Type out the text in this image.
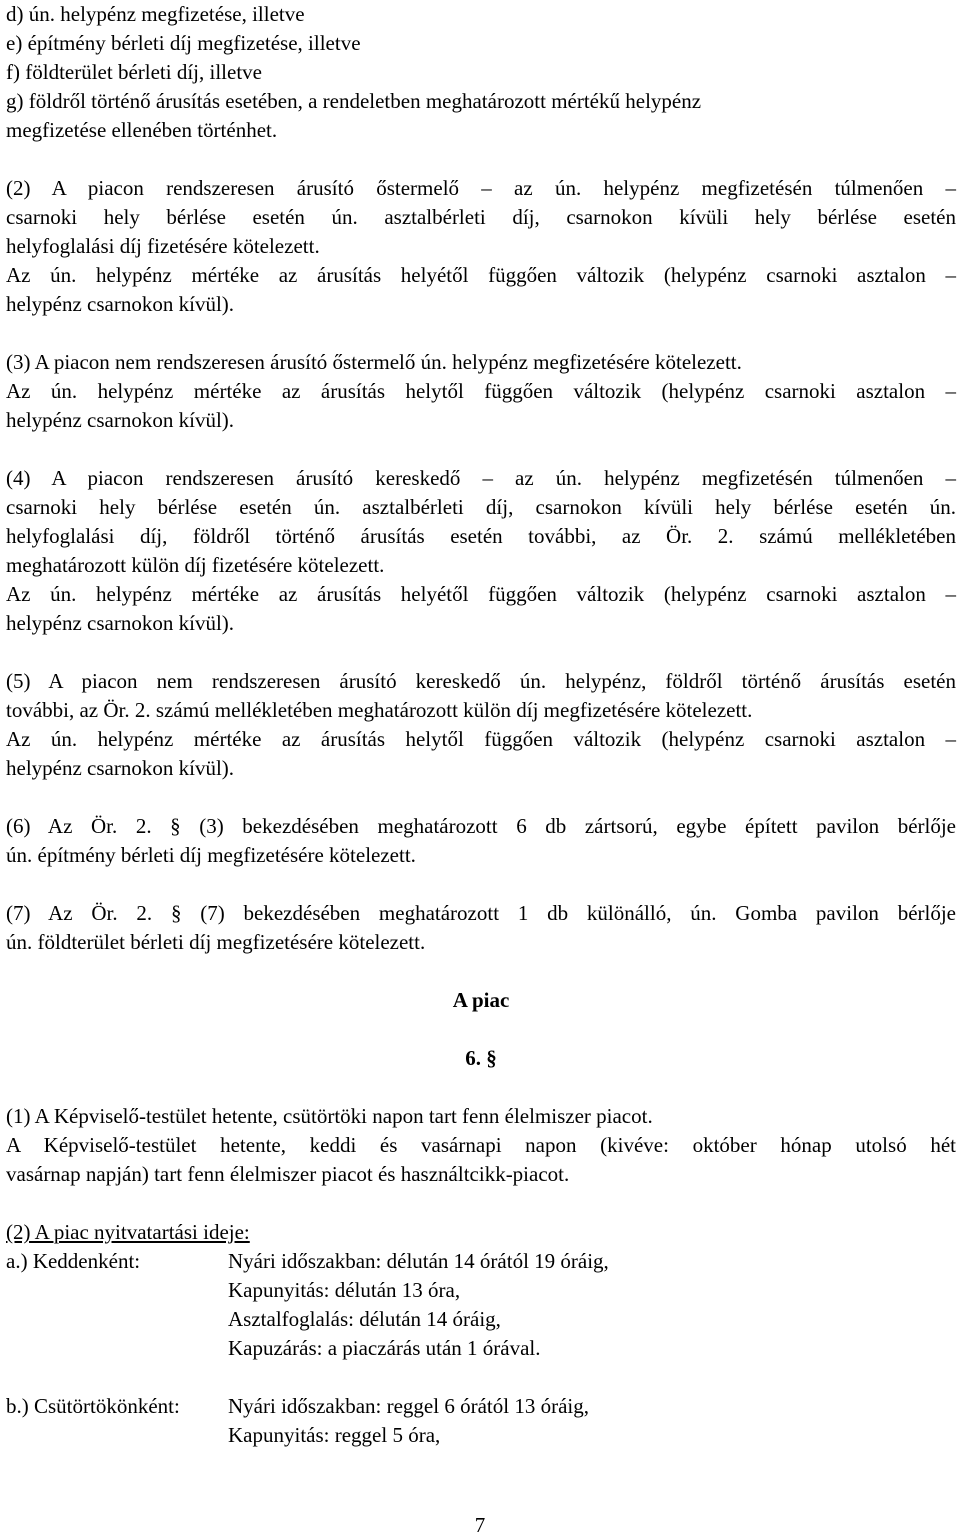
d) ún. helypénz megfizetése, illetve

e) építmény bérleti díj megfizetése, illetve

f) földterület bérleti díj, illetve

g) földről történő árusítás esetében, a rendeletben meghatározott mértékű helypénz

megfizetése ellenében történhet.

(2) A piacon rendszeresen árusító őstermelő – az ún. helypénz megfizetésén túlmenően –

csarnoki hely bérlése esetén ún. asztalbérleti díj, csarnokon kívüli hely bérlése esetén

helyfoglalási díj fizetésére kötelezett.

Az ún. helypénz mértéke az árusítás helyétől függően változik (helypénz csarnoki asztalon –

helypénz csarnokon kívül).

(3) A piacon nem rendszeresen árusító őstermelő ún. helypénz megfizetésére kötelezett.

Az ún. helypénz mértéke az árusítás helytől függően változik (helypénz csarnoki asztalon –

helypénz csarnokon kívül).

(4) A piacon rendszeresen árusító kereskedő – az ún. helypénz megfizetésén túlmenően –

csarnoki hely bérlése esetén ún. asztalbérleti díj, csarnokon kívüli hely bérlése esetén ún.

helyfoglalási díj, földről történő árusítás esetén további, az Ör. 2. számú mellékletében

meghatározott külön díj fizetésére kötelezett.

Az ún. helypénz mértéke az árusítás helyétől függően változik (helypénz csarnoki asztalon –

helypénz csarnokon kívül).

(5) A piacon nem rendszeresen árusító kereskedő ún. helypénz, földről történő árusítás esetén

további, az Ör. 2. számú mellékletében meghatározott külön díj megfizetésére kötelezett.

Az ún. helypénz mértéke az árusítás helytől függően változik (helypénz csarnoki asztalon –

helypénz csarnokon kívül).

(6) Az Ör. 2. § (3) bekezdésében meghatározott 6 db zártsorú, egybe épített pavilon bérlője

ún. építmény bérleti díj megfizetésére kötelezett.

(7) Az Ör. 2. § (7) bekezdésében meghatározott 1 db különálló, ún. Gomba pavilon bérlője

ún. földterület bérleti díj megfizetésére kötelezett.

A piac

6. §

(1) A Képviselő-testület hetente, csütörtöki napon tart fenn élelmiszer piacot.

A Képviselő-testület hetente, keddi és vasárnapi napon (kivéve: október hónap utolsó hét

vasárnap napján) tart fenn élelmiszer piacot és használtcikk-piacot.

(2) A piac nyitvatartási ideje:

a.) Keddenként:	Nyári időszakban: délután 14 órától 19 óráig,
Kapunyitás: délután 13 óra,
Asztalfoglalás: délután 14 óráig,
Kapuzárás: a piaczárás után 1 órával.
b.) Csütörtökönként:	Nyári időszakban: reggel 6 órától 13 óráig,
Kapunyitás: reggel 5 óra,
7
